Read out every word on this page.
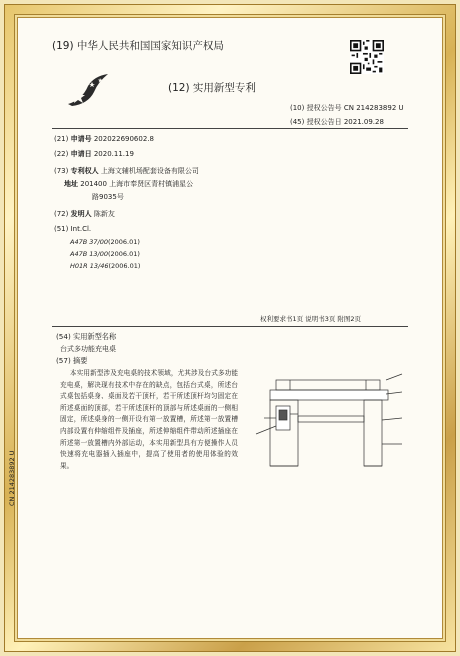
(19) 中华人民共和国国家知识产权局
(12) 实用新型专利
(10) 授权公告号 CN 214283892 U
(45) 授权公告日 2021.09.28
(21) 申请号 202022690602.8
(22) 申请日 2020.11.19
(73) 专利权人 上海文辅机场配套设备有限公司
地址 201400 上海市奉贤区青村镇浦星公
路9035号
(72) 发明人 陈新友
(51) Int.Cl.
A47B 37/00(2006.01)
A47B 13/00(2006.01)
H01R 13/46(2006.01)
权利要求书1页 说明书3页 附图2页
(54) 实用新型名称
台式多功能充电桌
(57) 摘要
本实用新型涉及充电桌的技术领域，尤其涉及台式多功能充电桌，解决现有技术中存在的缺点，包括台式桌，所述台式桌包括桌身、桌面及若干顶杆，若干所述顶杆均匀固定在所述桌面的顶部，若干所述顶杆的顶部与所述桌面的一侧相固定，所述桌身的一侧开设有第一放置槽，所述第一放置槽内部设置有伸缩组件及插座，所述伸缩组件带动所述插座在所述第一放置槽内外部运动，本实用新型具有方便操作人员快速将充电器插入插座中，提高了使用者的使用体验的效果。
CN 214283892 U
